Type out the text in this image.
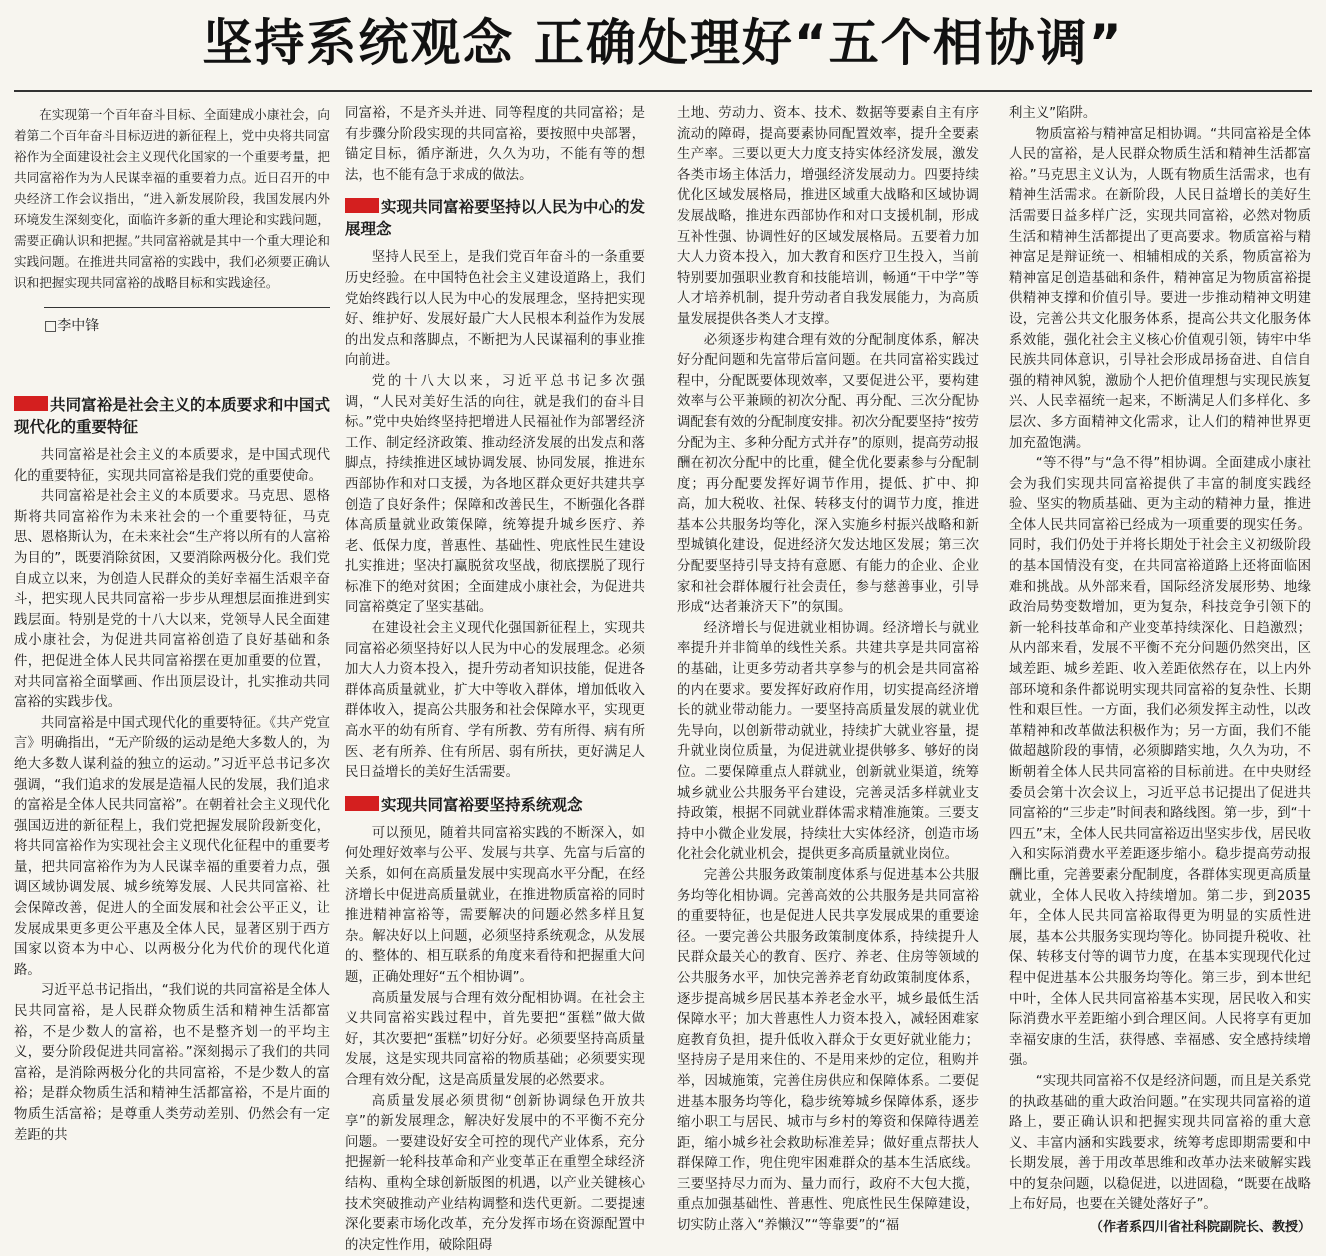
坚持系统观念 正确处理好“五个相协调”

在实现第一个百年奋斗目标、全面建成小康社会，向着第二个百年奋斗目标迈进的新征程上，党中央将共同富裕作为全面建设社会主义现代化国家的一个重要考量，把共同富裕作为为人民谋幸福的重要着力点。近日召开的中央经济工作会议指出，“进入新发展阶段，我国发展内外环境发生深刻变化，面临许多新的重大理论和实践问题，需要正确认识和把握。”共同富裕就是其中一个重大理论和实践问题。在推进共同富裕的实践中，我们必须要正确认识和把握实现共同富裕的战略目标和实践途径。

□李中锋
共同富裕是社会主义的本质要求和中国式现代化的重要特征

共同富裕是社会主义的本质要求，是中国式现代化的重要特征，实现共同富裕是我们党的重要使命。

共同富裕是社会主义的本质要求。马克思、恩格斯将共同富裕作为未来社会的一个重要特征，马克思、恩格斯认为，在未来社会“生产将以所有的人富裕为目的”，既要消除贫困，又要消除两极分化。我们党自成立以来，为创造人民群众的美好幸福生活艰辛奋斗，把实现人民共同富裕一步步从理想层面推进到实践层面。特别是党的十八大以来，党领导人民全面建成小康社会，为促进共同富裕创造了良好基础和条件，把促进全体人民共同富裕摆在更加重要的位置，对共同富裕全面擘画、作出顶层设计，扎实推动共同富裕的实践步伐。

共同富裕是中国式现代化的重要特征。《共产党宣言》明确指出，“无产阶级的运动是绝大多数人的，为绝大多数人谋利益的独立的运动。”习近平总书记多次强调，“我们追求的发展是造福人民的发展，我们追求的富裕是全体人民共同富裕”。在朝着社会主义现代化强国迈进的新征程上，我们党把握发展阶段新变化，将共同富裕作为实现社会主义现代化征程中的重要考量，把共同富裕作为为人民谋幸福的重要着力点，强调区域协调发展、城乡统筹发展、人民共同富裕、社会保障改善，促进人的全面发展和社会公平正义，让发展成果更多更公平惠及全体人民，显著区别于西方国家以资本为中心、以两极分化为代价的现代化道路。

习近平总书记指出，“我们说的共同富裕是全体人民共同富裕，是人民群众物质生活和精神生活都富裕，不是少数人的富裕，也不是整齐划一的平均主义，要分阶段促进共同富裕。”深刻揭示了我们的共同富裕，是消除两极分化的共同富裕，不是少数人的富裕；是群众物质生活和精神生活都富裕，不是片面的物质生活富裕；是尊重人类劳动差别、仍然会有一定差距的共

同富裕，不是齐头并进、同等程度的共同富裕；是有步骤分阶段实现的共同富裕，要按照中央部署，锚定目标，循序渐进，久久为功，不能有等的想法，也不能有急于求成的做法。

实现共同富裕要坚持以人民为中心的发展理念

坚持人民至上，是我们党百年奋斗的一条重要历史经验。在中国特色社会主义建设道路上，我们党始终践行以人民为中心的发展理念，坚持把实现好、维护好、发展好最广大人民根本利益作为发展的出发点和落脚点，不断把为人民谋福利的事业推向前进。

党的十八大以来，习近平总书记多次强调，“人民对美好生活的向往，就是我们的奋斗目标。”党中央始终坚持把增进人民福祉作为部署经济工作、制定经济政策、推动经济发展的出发点和落脚点，持续推进区域协调发展、协同发展，推进东西部协作和对口支援，为各地区群众更好共建共享创造了良好条件；保障和改善民生，不断强化各群体高质量就业政策保障，统筹提升城乡医疗、养老、低保力度，普惠性、基础性、兜底性民生建设扎实推进；坚决打赢脱贫攻坚战，彻底摆脱了现行标准下的绝对贫困；全面建成小康社会，为促进共同富裕奠定了坚实基础。

在建设社会主义现代化强国新征程上，实现共同富裕必须坚持好以人民为中心的发展理念。必须加大人力资本投入，提升劳动者知识技能，促进各群体高质量就业，扩大中等收入群体，增加低收入群体收入，提高公共服务和社会保障水平，实现更高水平的幼有所育、学有所教、劳有所得、病有所医、老有所养、住有所居、弱有所扶，更好满足人民日益增长的美好生活需要。

实现共同富裕要坚持系统观念

可以预见，随着共同富裕实践的不断深入，如何处理好效率与公平、发展与共享、先富与后富的关系，如何在高质量发展中实现高水平分配，在经济增长中促进高质量就业，在推进物质富裕的同时推进精神富裕等，需要解决的问题必然多样且复杂。解决好以上问题，必须坚持系统观念，从发展的、整体的、相互联系的角度来看待和把握重大问题，正确处理好“五个相协调”。

高质量发展与合理有效分配相协调。在社会主义共同富裕实践过程中，首先要把“蛋糕”做大做好，其次要把“蛋糕”切好分好。必须要坚持高质量发展，这是实现共同富裕的物质基础；必须要实现合理有效分配，这是高质量发展的必然要求。

高质量发展必须贯彻“创新协调绿色开放共享”的新发展理念，解决好发展中的不平衡不充分问题。一要建设好安全可控的现代产业体系，充分把握新一轮科技革命和产业变革正在重塑全球经济结构、重构全球创新版图的机遇，以产业关键核心技术突破推动产业结构调整和迭代更新。二要提速深化要素市场化改革，充分发挥市场在资源配置中的决定性作用，破除阻碍

土地、劳动力、资本、技术、数据等要素自主有序流动的障碍，提高要素协同配置效率，提升全要素生产率。三要以更大力度支持实体经济发展，激发各类市场主体活力，增强经济发展动力。四要持续优化区域发展格局，推进区域重大战略和区域协调发展战略，推进东西部协作和对口支援机制，形成互补性强、协调性好的区域发展格局。五要着力加大人力资本投入，加大教育和医疗卫生投入，当前特别要加强职业教育和技能培训，畅通“干中学”等人才培养机制，提升劳动者自我发展能力，为高质量发展提供各类人才支撑。

必须逐步构建合理有效的分配制度体系，解决好分配问题和先富带后富问题。在共同富裕实践过程中，分配既要体现效率，又要促进公平，要构建效率与公平兼顾的初次分配、再分配、三次分配协调配套有效的分配制度安排。初次分配要坚持“按劳分配为主、多种分配方式并存”的原则，提高劳动报酬在初次分配中的比重，健全优化要素参与分配制度；再分配要发挥好调节作用，提低、扩中、抑高，加大税收、社保、转移支付的调节力度，推进基本公共服务均等化，深入实施乡村振兴战略和新型城镇化建设，促进经济欠发达地区发展；第三次分配要坚持引导支持有意愿、有能力的企业、企业家和社会群体履行社会责任，参与慈善事业，引导形成“达者兼济天下”的氛围。

经济增长与促进就业相协调。经济增长与就业率提升并非简单的线性关系。共建共享是共同富裕的基础，让更多劳动者共享参与的机会是共同富裕的内在要求。要发挥好政府作用，切实提高经济增长的就业带动能力。一要坚持高质量发展的就业优先导向，以创新带动就业，持续扩大就业容量，提升就业岗位质量，为促进就业提供够多、够好的岗位。二要保障重点人群就业，创新就业渠道，统筹城乡就业公共服务平台建设，完善灵活多样就业支持政策，根据不同就业群体需求精准施策。三要支持中小微企业发展，持续壮大实体经济，创造市场化社会化就业机会，提供更多高质量就业岗位。

完善公共服务政策制度体系与促进基本公共服务均等化相协调。完善高效的公共服务是共同富裕的重要特征，也是促进人民共享发展成果的重要途径。一要完善公共服务政策制度体系，持续提升人民群众最关心的教育、医疗、养老、住房等领域的公共服务水平，加快完善养老育幼政策制度体系，逐步提高城乡居民基本养老金水平，城乡最低生活保障水平；加大普惠性人力资本投入，减轻困难家庭教育负担，提升低收入群众于女更好就业能力；坚持房子是用来住的、不是用来炒的定位，租购并举，因城施策，完善住房供应和保障体系。二要促进基本服务均等化，稳步统筹城乡保障体系，逐步缩小职工与居民、城市与乡村的筹资和保障待遇差距，缩小城乡社会救助标准差异；做好重点帮扶人群保障工作，兜住兜牢困难群众的基本生活底线。三要坚持尽力而为、量力而行，政府不大包大揽，重点加强基础性、普惠性、兜底性民生保障建设，切实防止落入“养懒汉”“等靠要”的“福

利主义”陷阱。

物质富裕与精神富足相协调。“共同富裕是全体人民的富裕，是人民群众物质生活和精神生活都富裕。”马克思主义认为，人既有物质生活需求，也有精神生活需求。在新阶段，人民日益增长的美好生活需要日益多样广泛，实现共同富裕，必然对物质生活和精神生活都提出了更高要求。物质富裕与精神富足是辩证统一、相辅相成的关系，物质富裕为精神富足创造基础和条件，精神富足为物质富裕提供精神支撑和价值引导。要进一步推动精神文明建设，完善公共文化服务体系，提高公共文化服务体系效能，强化社会主义核心价值观引领，铸牢中华民族共同体意识，引导社会形成昂扬奋进、自信自强的精神风貌，激励个人把价值理想与实现民族复兴、人民幸福统一起来，不断满足人们多样化、多层次、多方面精神文化需求，让人们的精神世界更加充盈饱满。

“等不得”与“急不得”相协调。全面建成小康社会为我们实现共同富裕提供了丰富的制度实践经验、坚实的物质基础、更为主动的精神力量，推进全体人民共同富裕已经成为一项重要的现实任务。同时，我们仍处于并将长期处于社会主义初级阶段的基本国情没有变，在共同富裕道路上还将面临困难和挑战。从外部来看，国际经济发展形势、地缘政治局势变数增加，更为复杂，科技竞争引领下的新一轮科技革命和产业变革持续深化、日趋激烈；从内部来看，发展不平衡不充分问题仍然突出，区域差距、城乡差距、收入差距依然存在，以上内外部环境和条件都说明实现共同富裕的复杂性、长期性和艰巨性。一方面，我们必须发挥主动性，以改革精神和改革做法积极作为；另一方面，我们不能做超越阶段的事情，必须脚踏实地，久久为功，不断朝着全体人民共同富裕的目标前进。在中央财经委员会第十次会议上，习近平总书记提出了促进共同富裕的“三步走”时间表和路线图。第一步，到“十四五”末，全体人民共同富裕迈出坚实步伐，居民收入和实际消费水平差距逐步缩小。稳步提高劳动报酬比重，完善要素分配制度，各群体实现更高质量就业，全体人民收入持续增加。第二步，到2035年，全体人民共同富裕取得更为明显的实质性进展，基本公共服务实现均等化。协同提升税收、社保、转移支付等的调节力度，在基本实现现代化过程中促进基本公共服务均等化。第三步，到本世纪中叶，全体人民共同富裕基本实现，居民收入和实际消费水平差距缩小到合理区间。人民将享有更加幸福安康的生活，获得感、幸福感、安全感持续增强。

“实现共同富裕不仅是经济问题，而且是关系党的执政基础的重大政治问题。”在实现共同富裕的道路上，要正确认识和把握实现共同富裕的重大意义、丰富内涵和实践要求，统筹考虑即期需要和中长期发展，善于用改革思维和改革办法来破解实践中的复杂问题，以稳促进，以进固稳，“既要在战略上布好局，也要在关键处落好子”。

（作者系四川省社科院副院长、教授）
